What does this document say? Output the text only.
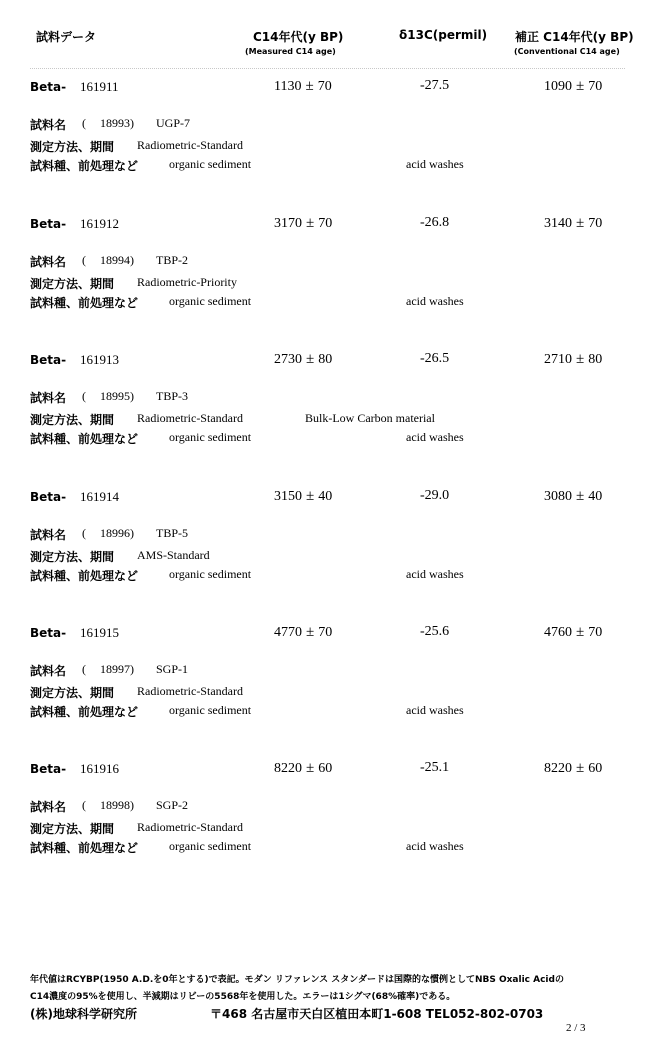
試料データ	C14年代(y BP)
(Measured C14 age)
δ13C(permil) 補正 C14年代(y BP)
(Conventional C14 age)
Beta- 161911	1130 ± 70	-27.5	1090 ± 70
試料名 ( 18993) UGP-7
測定方法、期間 Radiometric-Standard
試料種、前処理など	organic sediment	acid washes
Beta- 161912	3170 ± 70	-26.8	3140 ± 70
試料名 ( 18994) TBP-2
測定方法、期間 Radiometric-Priority
試料種、前処理など	organic sediment	acid washes
Beta- 161913	2730 ± 80	-26.5	2710 ± 80
試料名 ( 18995) TBP-3
測定方法、期間 Radiometric-Standard	Bulk-Low Carbon material
試料種、前処理など	organic sediment	acid washes
Beta- 161914	3150 ± 40	-29.0	3080 ± 40
試料名 ( 18996) TBP-5
測定方法、期間 AMS-Standard
試料種、前処理など	organic sediment	acid washes
Beta- 161915	4770 ± 70	-25.6	4760 ± 70
試料名 ( 18997) SGP-1
測定方法、期間 Radiometric-Standard
試料種、前処理など	organic sediment	acid washes
Beta- 161916	8220 ± 60	-25.1	8220 ± 60
試料名 ( 18998) SGP-2
測定方法、期間 Radiometric-Standard
試料種、前処理など	organic sediment	acid washes
年代値はRCYBP(1950 A.D.を0年とする)で表記。モダン リファレンス スタンダードは国際的な慣例としてNBS Oxalic Acidの
C14濃度の95%を使用し、半減期はリビーの5568年を使用した。エラーは1シグマ(68%確率)である。
(株)地球科学研究所	〒468 名古屋市天白区植田本町1-608 TEL052-802-0703
2 / 3
